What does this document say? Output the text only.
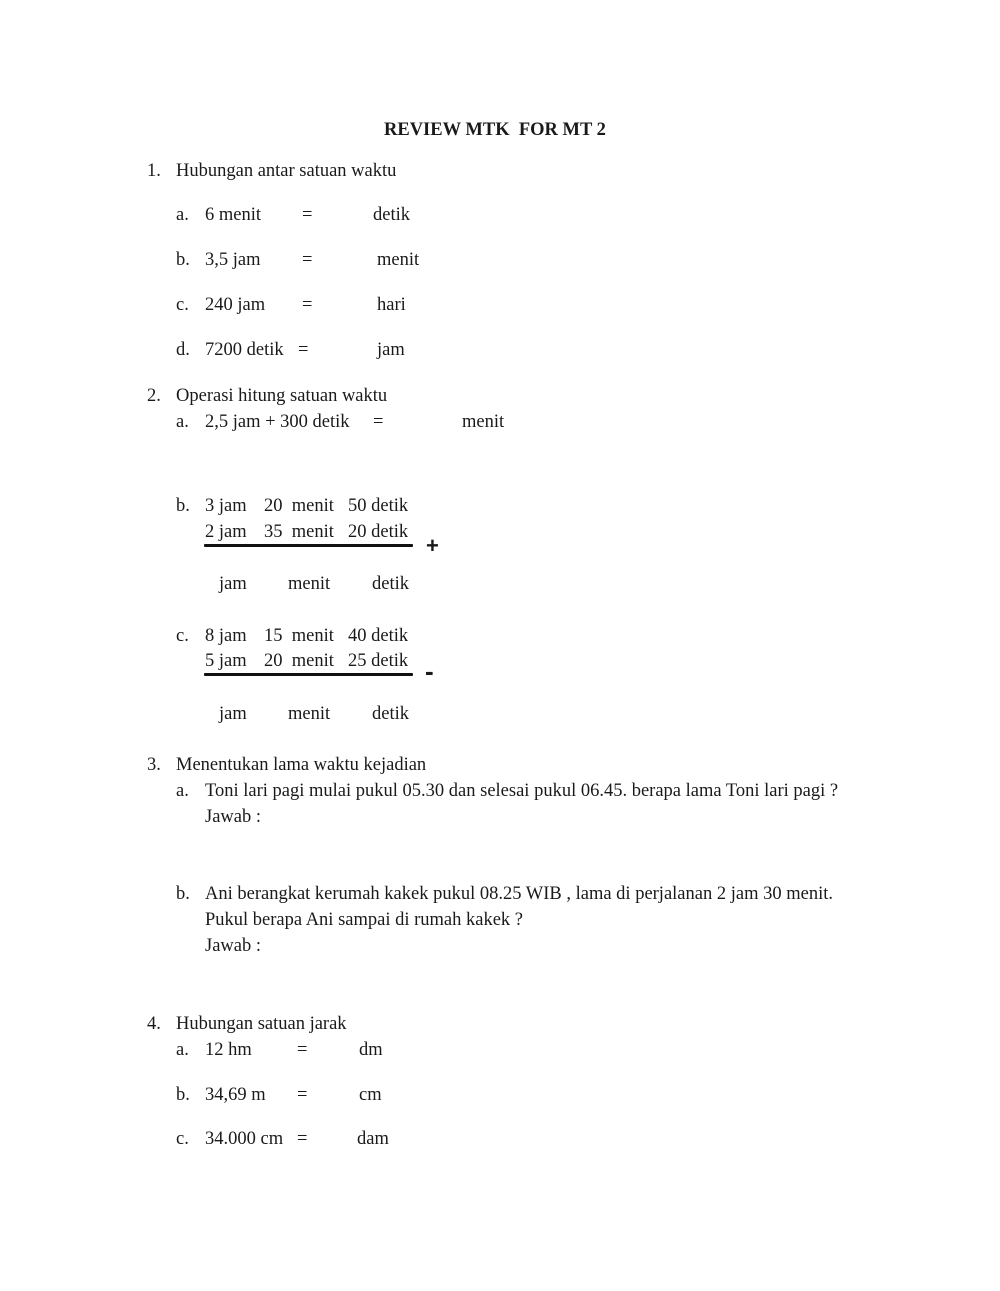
REVIEW MTK  FOR MT 2
1. Hubungan antar satuan waktu
a. 6 menit =	detik
b. 3,5 jam =	menit
c. 240 jam =	hari
d. 7200 detik =	jam
2. Operasi hitung satuan waktu
a. 2,5 jam + 300 detik =	menit
b. 3 jam 20  menit 50 detik
2 jam 35  menit 20 detik
+
jam menit detik
c. 8 jam 15  menit 40 detik
5 jam 20  menit 25 detik -
jam menit detik
3. Menentukan lama waktu kejadian
a. Toni lari pagi mulai pukul 05.30 dan selesai pukul 06.45. berapa lama Toni lari pagi ?
Jawab :
b. Ani berangkat kerumah kakek pukul 08.25 WIB , lama di perjalanan 2 jam 30 menit.
Pukul berapa Ani sampai di rumah kakek ?
Jawab :
4. Hubungan satuan jarak
a. 12 hm =	dm
b. 34,69 m =	cm
c. 34.000 cm =	dam
